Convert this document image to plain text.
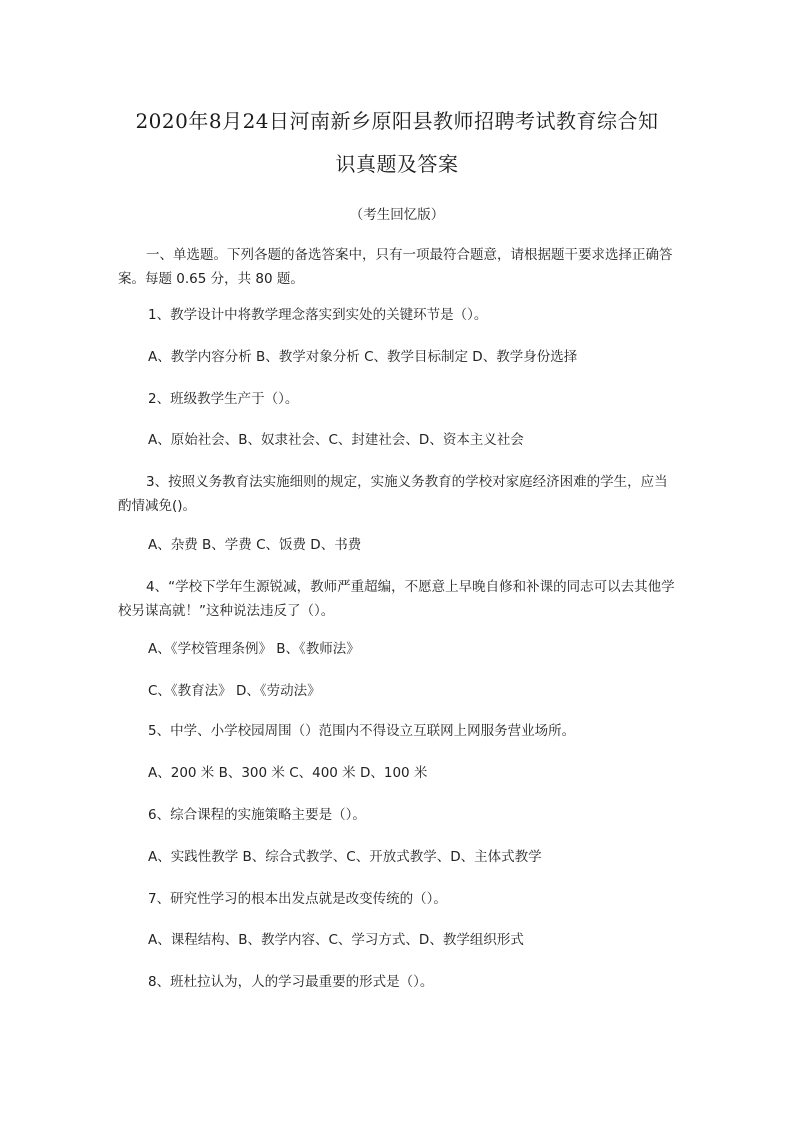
2020年8月24日河南新乡原阳县教师招聘考试教育综合知
识真题及答案
（考生回忆版）

一、单选题。下列各题的备选答案中，只有一项最符合题意，请根据题干要求选择正确答案。每题 0.65 分，共 80 题。

1、教学设计中将教学理念落实到实处的关键环节是（）。

A、教学内容分析 B、教学对象分析 C、教学目标制定 D、教学身份选择

2、班级教学生产于（）。

A、原始社会、B、奴隶社会、C、封建社会、D、资本主义社会

3、按照义务教育法实施细则的规定，实施义务教育的学校对家庭经济困难的学生，应当酌情减免()。

A、杂费 B、学费 C、饭费 D、书费

4、“学校下学年生源锐减，教师严重超编，不愿意上早晚自修和补课的同志可以去其他学校另谋高就！”这种说法违反了（）。

A、《学校管理条例》 B、《教师法》

C、《教育法》 D、《劳动法》

5、中学、小学校园周围（）范围内不得设立互联网上网服务营业场所。

A、200 米 B、300 米 C、400 米 D、100 米

6、综合课程的实施策略主要是（）。

A、实践性教学 B、综合式教学、C、开放式教学、D、主体式教学

7、研究性学习的根本出发点就是改变传统的（）。

A、课程结构、B、教学内容、C、学习方式、D、教学组织形式

8、班杜拉认为，人的学习最重要的形式是（）。
